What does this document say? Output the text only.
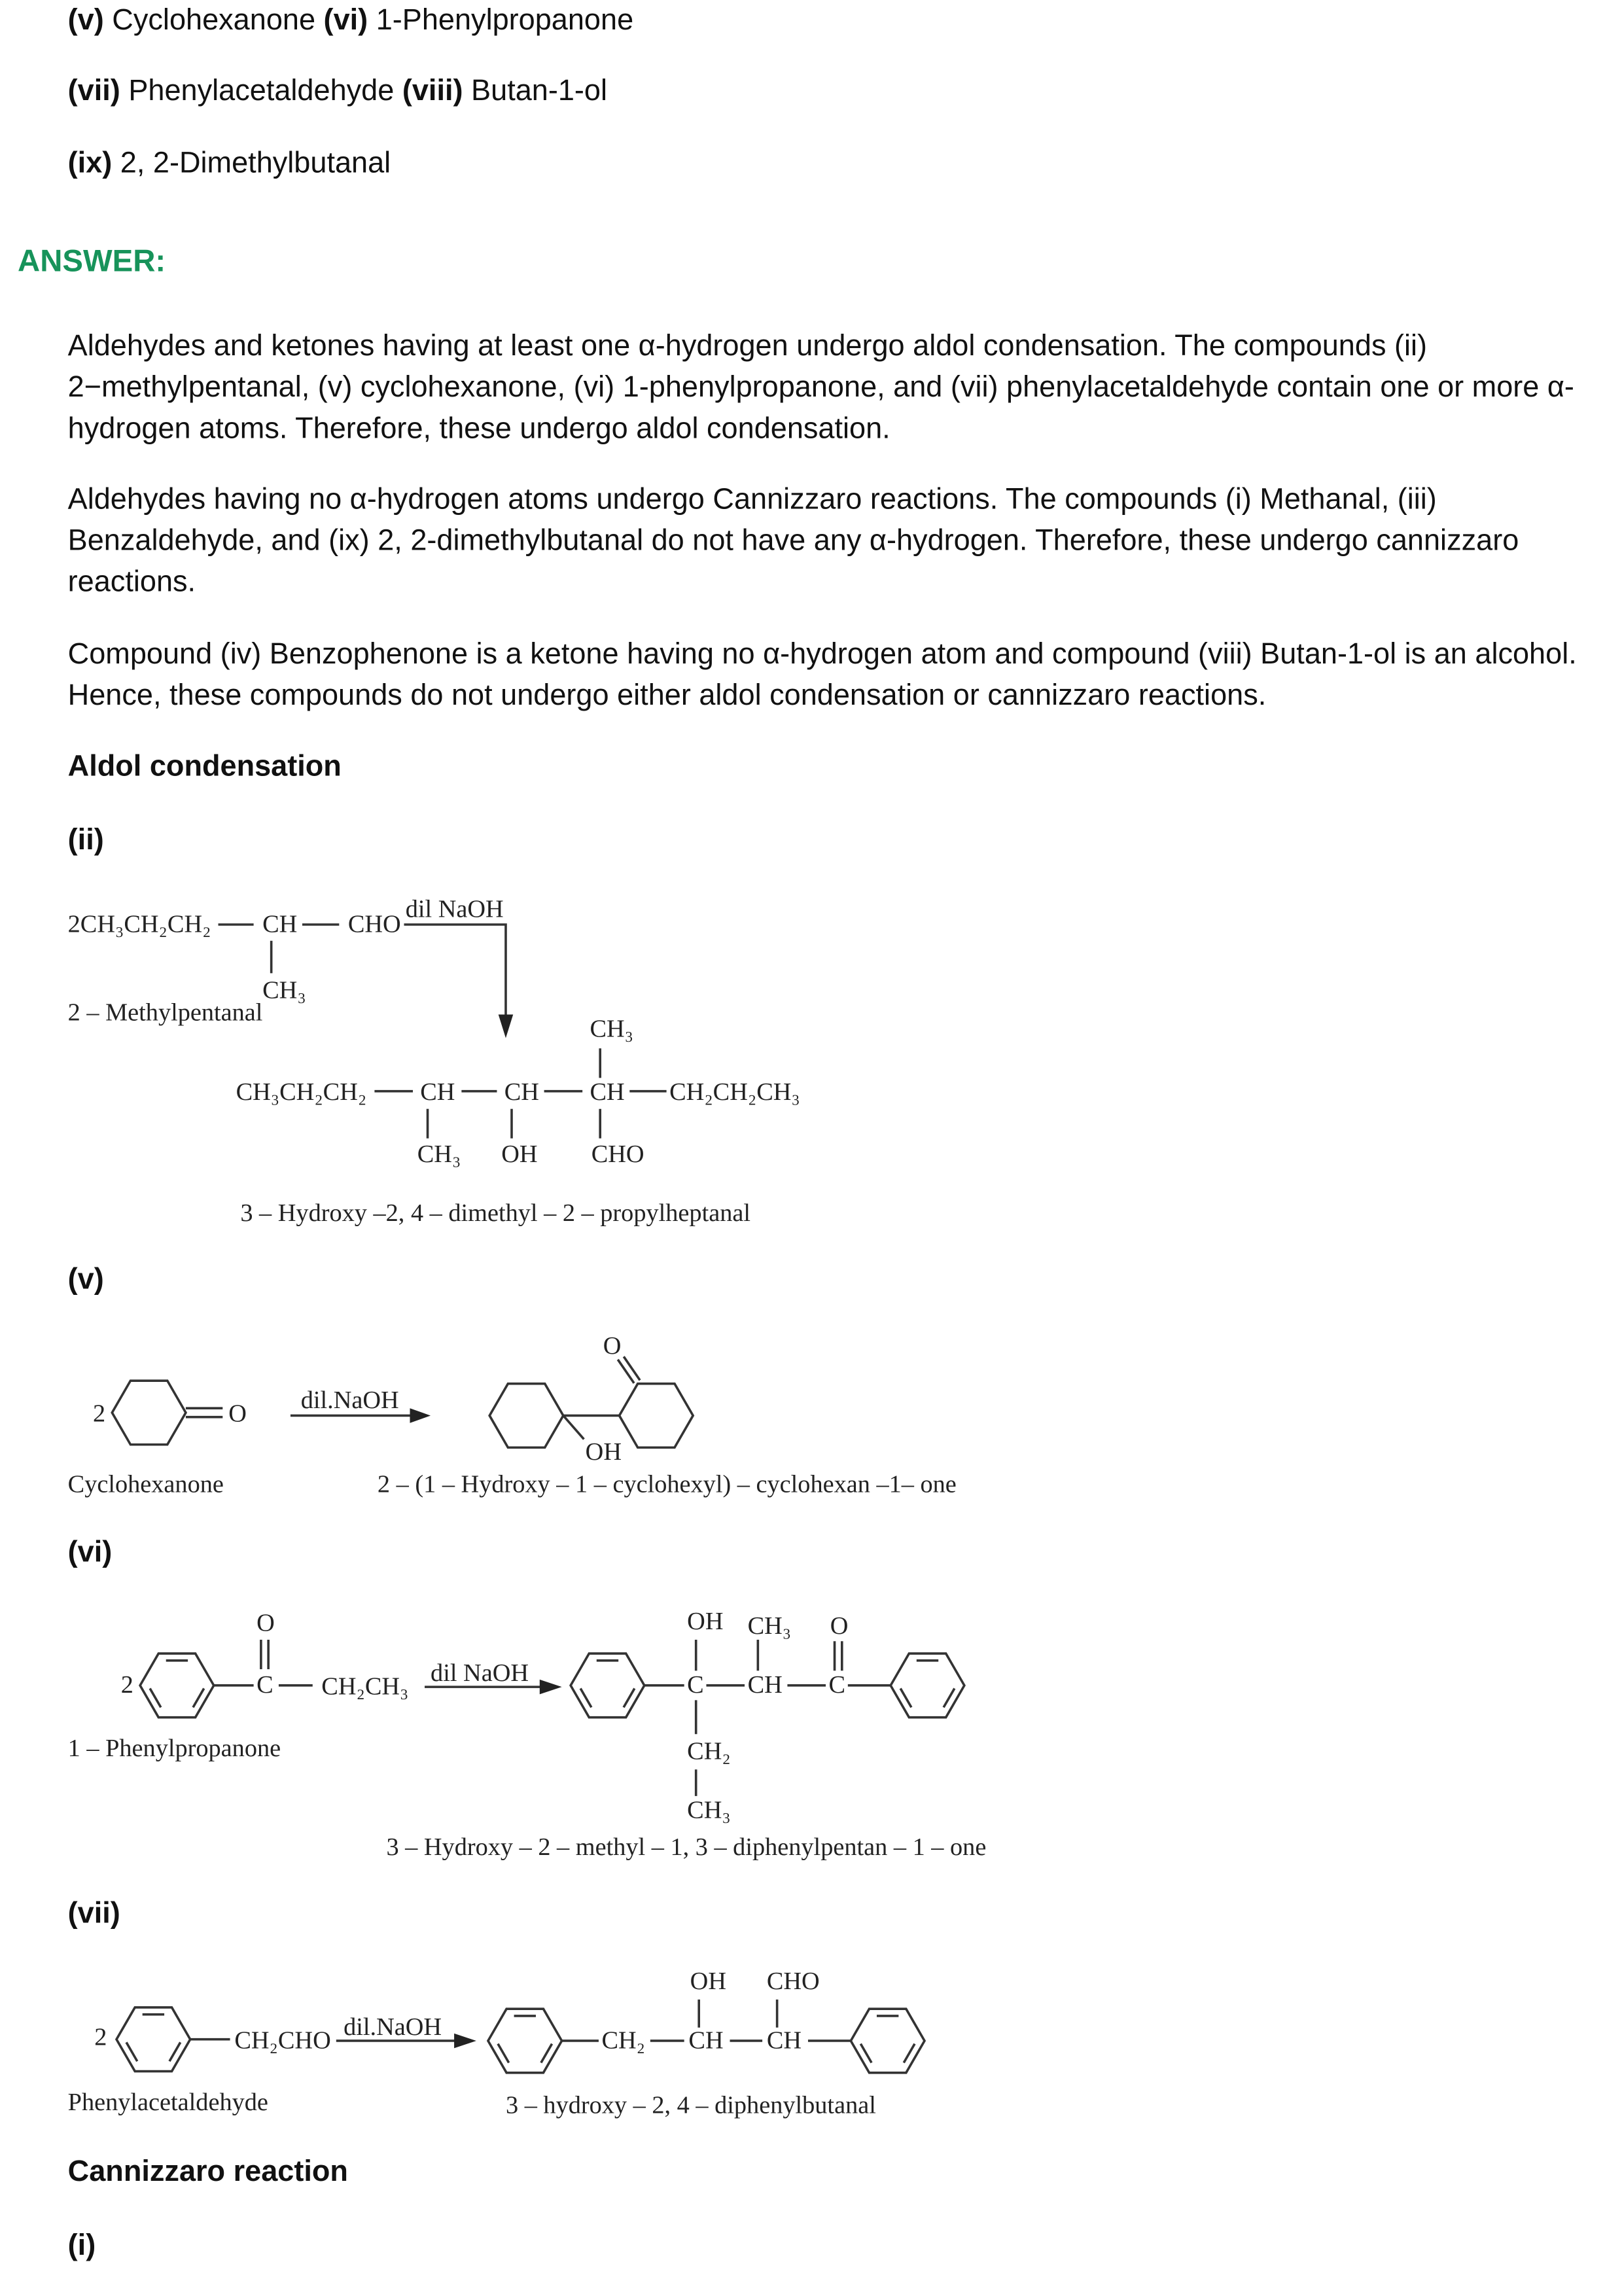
(v) Cyclohexanone (vi) 1-Phenylpropanone
(vii) Phenylacetaldehyde (viii) Butan-1-ol
(ix) 2, 2-Dimethylbutanal
ANSWER:
Aldehydes and ketones having at least one α-hydrogen undergo aldol condensation. The compounds (ii) 2−methylpentanal, (v) cyclohexanone, (vi) 1-phenylpropanone, and (vii) phenylacetaldehyde contain one or more α-hydrogen atoms. Therefore, these undergo aldol condensation.
Aldehydes having no α-hydrogen atoms undergo Cannizzaro reactions. The compounds (i) Methanal, (iii) Benzaldehyde, and (ix) 2, 2-dimethylbutanal do not have any α-hydrogen. Therefore, these undergo cannizzaro reactions.
Compound (iv) Benzophenone is a ketone having no α-hydrogen atom and compound (viii) Butan-1-ol is an alcohol. Hence, these compounds do not undergo either aldol condensation or cannizzaro reactions.
Aldol condensation
(ii)
(v)
(vi)
(vii)
Cannizzaro reaction
(i)
2CH₃CH₂CH₂	CH	CHO
CH₃
2 – Methylpentanal
dil NaOH
CH₃
CH₃CH₂CH₂	CH	CH	CH	CH₂CH₂CH₃
CH₃	OH	CHO
3 – Hydroxy –2, 4 – dimethyl – 2 – propylheptanal
2	O	dil.NaOH
O
OH
Cyclohexanone	2 – (1 – Hydroxy – 1 – cyclohexyl) – cyclohexan –1– one
2	C
O
CH₂CH₃ dil NaOH	C	CH	C
OH CH₃	O
CH₂
CH₃
1 – Phenylpropanone
3 – Hydroxy – 2 – methyl – 1, 3 – diphenylpentan – 1 – one
2	CH₂CHO dil.NaOH	CH₂	CH	CH
OH	CHO
Phenylacetaldehyde	3 – hydroxy – 2, 4 – diphenylbutanal
